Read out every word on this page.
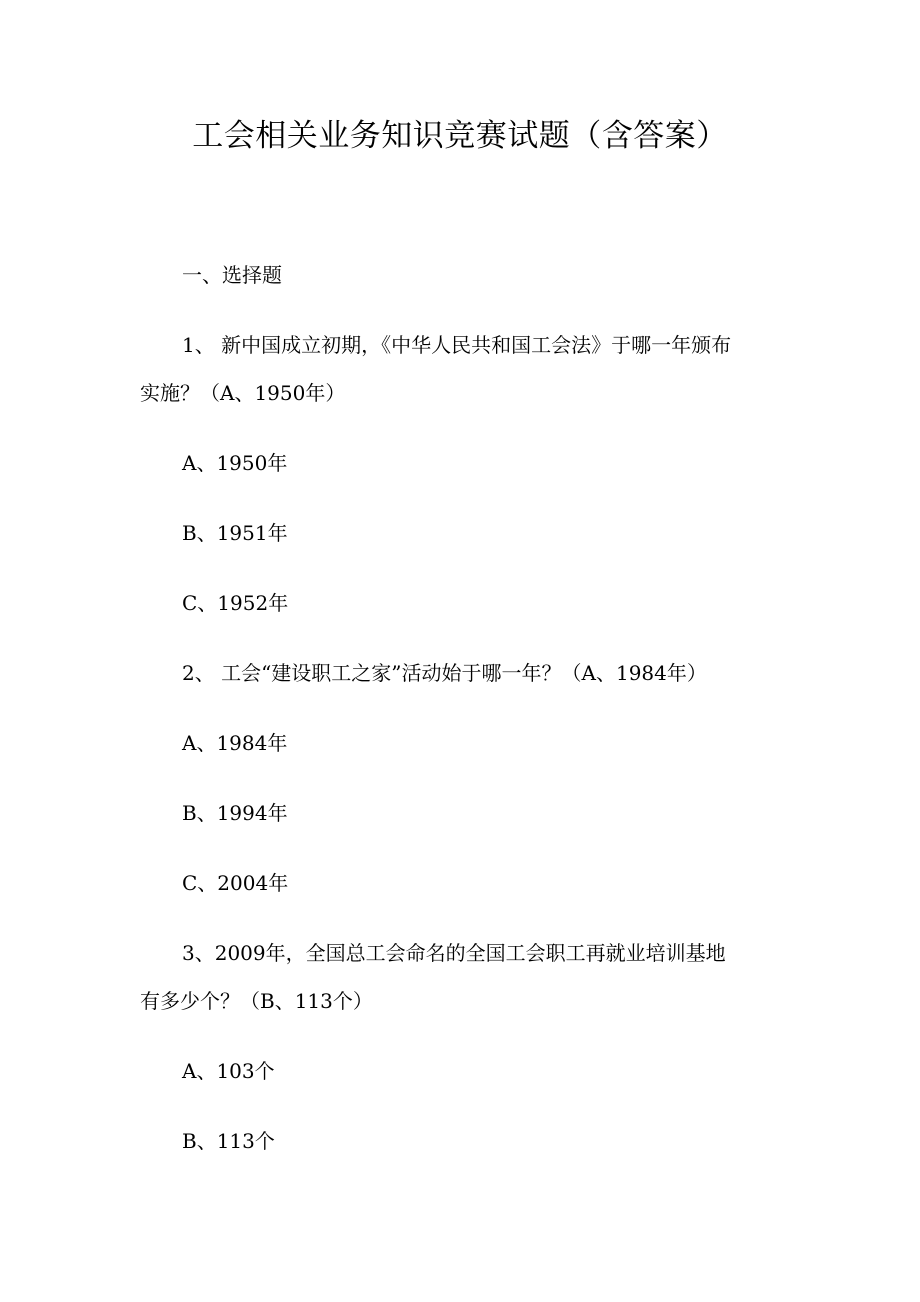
工会相关业务知识竞赛试题（含答案）
一、选择题
1、 新中国成立初期，《中华人民共和国工会法》于哪一年颁布
实施？（A、1950年）
A、1950年
B、1951年
C、1952年
2、 工会“建设职工之家”活动始于哪一年？（A、1984年）
A、1984年
B、1994年
C、2004年
3、2009年，全国总工会命名的全国工会职工再就业培训基地
有多少个？（B、113个）
A、103个
B、113个
